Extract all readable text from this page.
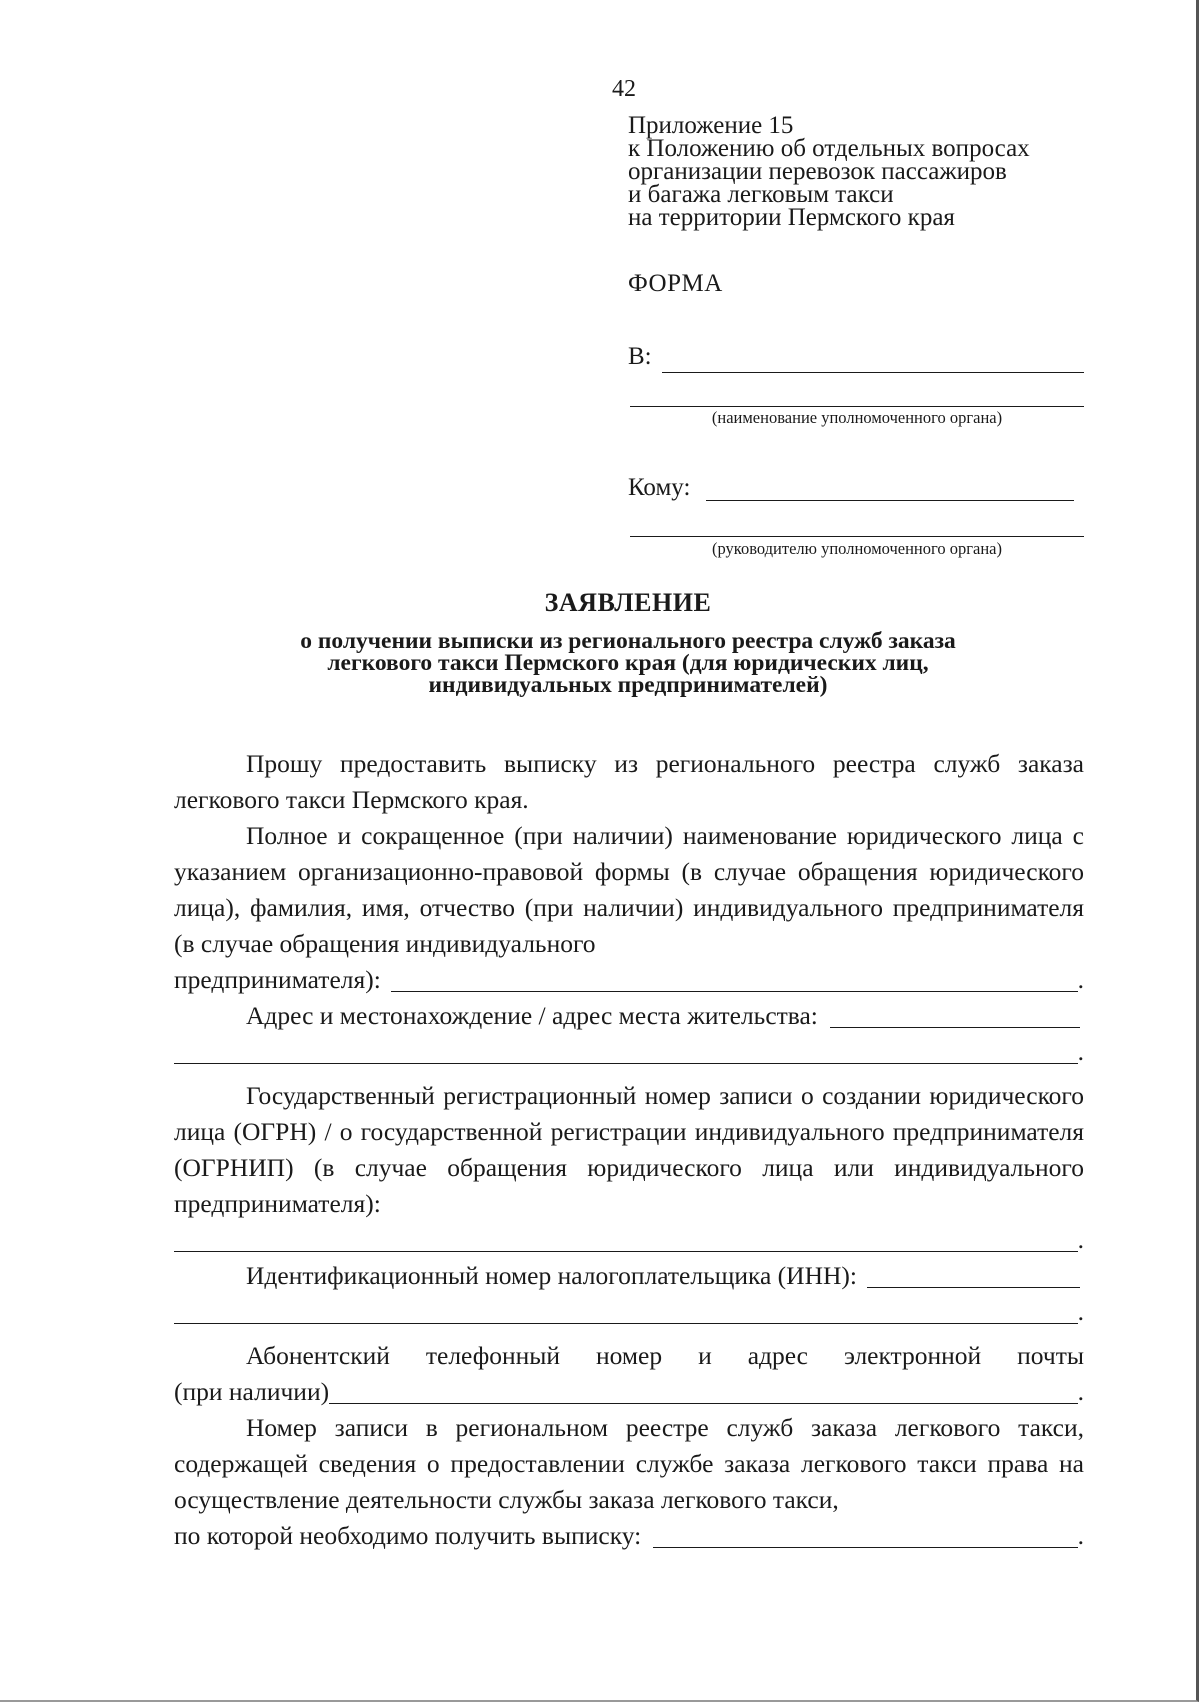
42
Приложение 15
к Положению об отдельных вопросах
организации перевозок пассажиров
и багажа легковым такси
на территории Пермского края
ФОРМА
В:
(наименование уполномоченного органа)
Кому:
(руководителю уполномоченного органа)
ЗАЯВЛЕНИЕ
о получении выписки из регионального реестра служб заказа
легкового такси Пермского края (для юридических лиц,
индивидуальных предпринимателей)

Прошу предоставить выписку из регионального реестра служб заказа легкового такси Пермского края.

Полное и сокращенное (при наличии) наименование юридического лица с указанием организационно-правовой формы (в случае обращения юридического лица), фамилия, имя, отчество (при наличии) индивидуального предпринимателя (в случае обращения индивидуального

предпринимателя):	.
Адрес и местонахождение / адрес места жительства:
.

Государственный регистрационный номер записи о создании юридического лица (ОГРН) / о государственной регистрации индивидуального предпринимателя (ОГРНИП) (в случае обращения юридического лица или индивидуального предпринимателя):

.
Идентификационный номер налогоплательщика (ИНН):
.

Абонентский телефонный номер и адрес электронной почты

(при наличии)	.

Номер записи в региональном реестре служб заказа легкового такси, содержащей сведения о предоставлении службе заказа легкового такси права на осуществление деятельности службы заказа легкового такси,

по которой необходимо получить выписку:	.
